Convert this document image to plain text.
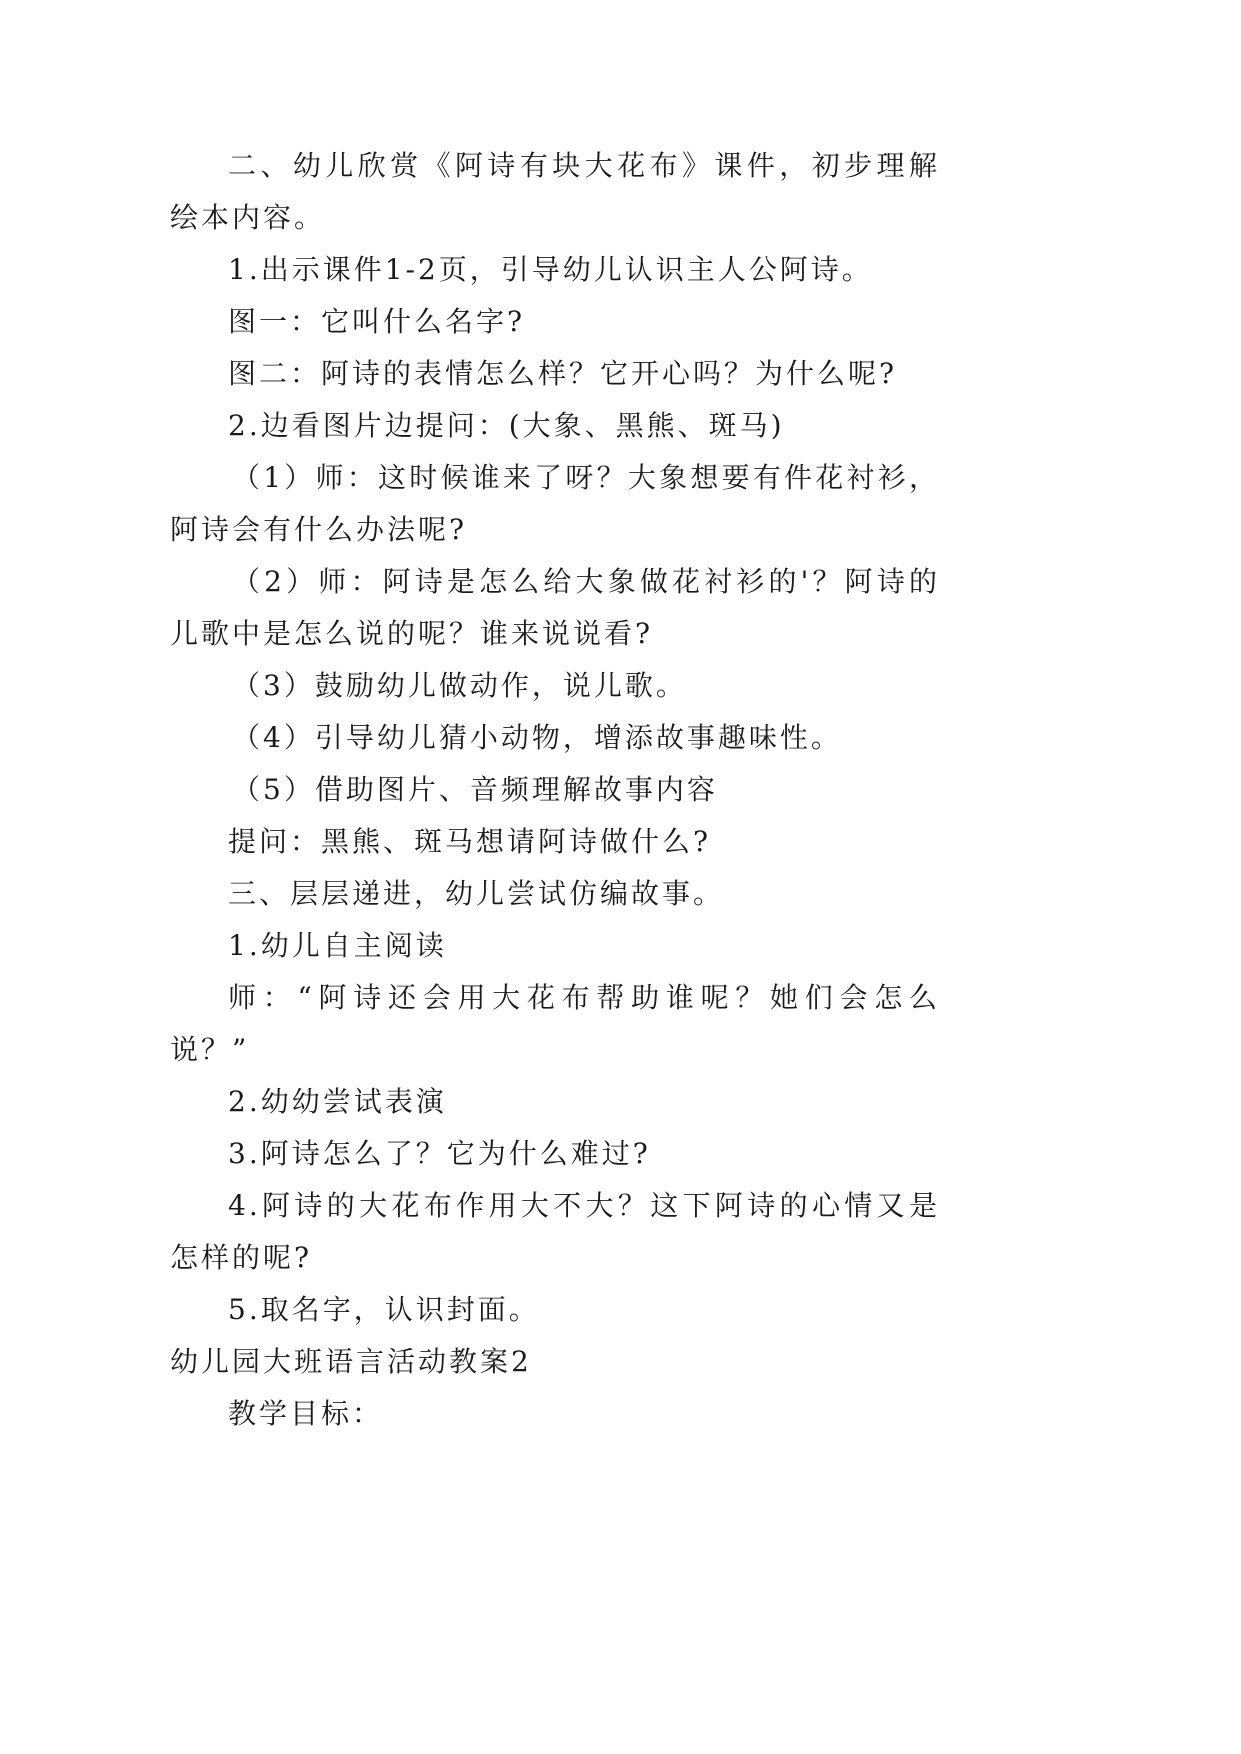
二、幼儿欣赏《阿诗有块大花布》课件，初步理解绘本内容。

1.出示课件1-2页，引导幼儿认识主人公阿诗。

图一：它叫什么名字?

图二：阿诗的表情怎么样？它开心吗？为什么呢?

2.边看图片边提问：(大象、黑熊、斑马)

（1）师：这时候谁来了呀？大象想要有件花衬衫，阿诗会有什么办法呢?

（2）师：阿诗是怎么给大象做花衬衫的'？阿诗的儿歌中是怎么说的呢？谁来说说看?

（3）鼓励幼儿做动作，说儿歌。

（4）引导幼儿猜小动物，增添故事趣味性。

（5）借助图片、音频理解故事内容

提问：黑熊、斑马想请阿诗做什么?

三、层层递进，幼儿尝试仿编故事。

1.幼儿自主阅读

师：“阿诗还会用大花布帮助谁呢？她们会怎么说？”

2.幼幼尝试表演

3.阿诗怎么了？它为什么难过?

4.阿诗的大花布作用大不大？这下阿诗的心情又是怎样的呢?

5.取名字，认识封面。

幼儿园大班语言活动教案2

教学目标：
